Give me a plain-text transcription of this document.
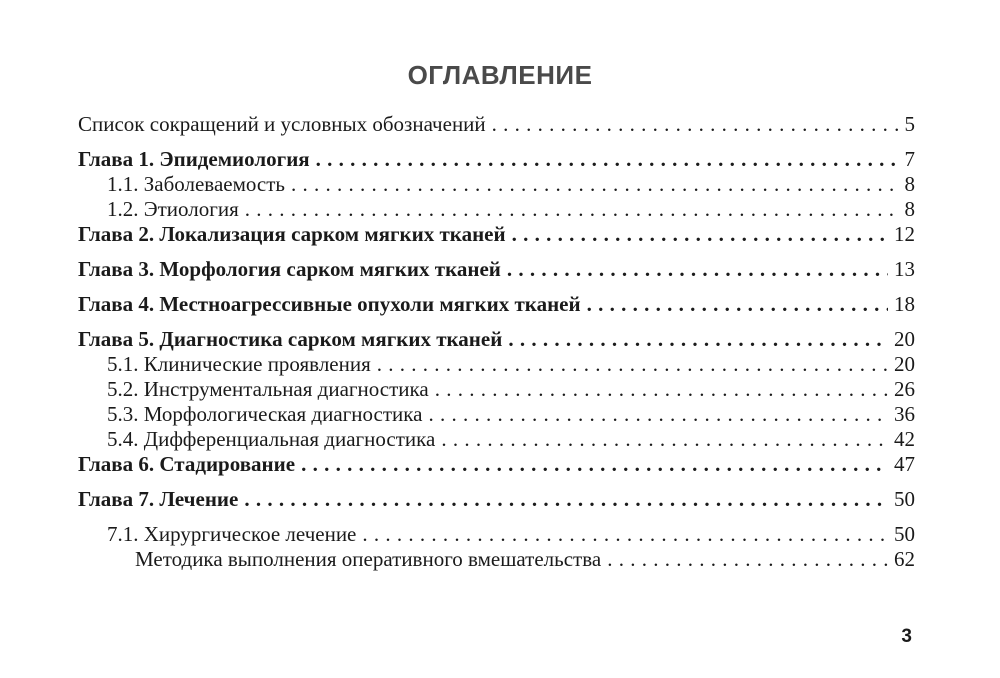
ОГЛАВЛЕНИЕ
Список сокращений и условных обозначений . . .	5
Глава 1. Эпидемиология . . .	7
1.1. Заболеваемость . . .	8
1.2. Этиология . . .	8
Глава 2. Локализация сарком мягких тканей . . .	12
Глава 3. Морфология сарком мягких тканей . . .	13
Глава 4. Местноагрессивные опухоли мягких тканей . . .	18
Глава 5. Диагностика сарком мягких тканей . . .	20
5.1. Клинические проявления . . .	20
5.2. Инструментальная диагностика . . .	26
5.3. Морфологическая диагностика . . .	36
5.4. Дифференциальная диагностика . . .	42
Глава 6. Стадирование . . .	47
Глава 7. Лечение . . .	50
7.1. Хирургическое лечение . . .	50
Методика выполнения оперативного вмешательства . . .	62
3
